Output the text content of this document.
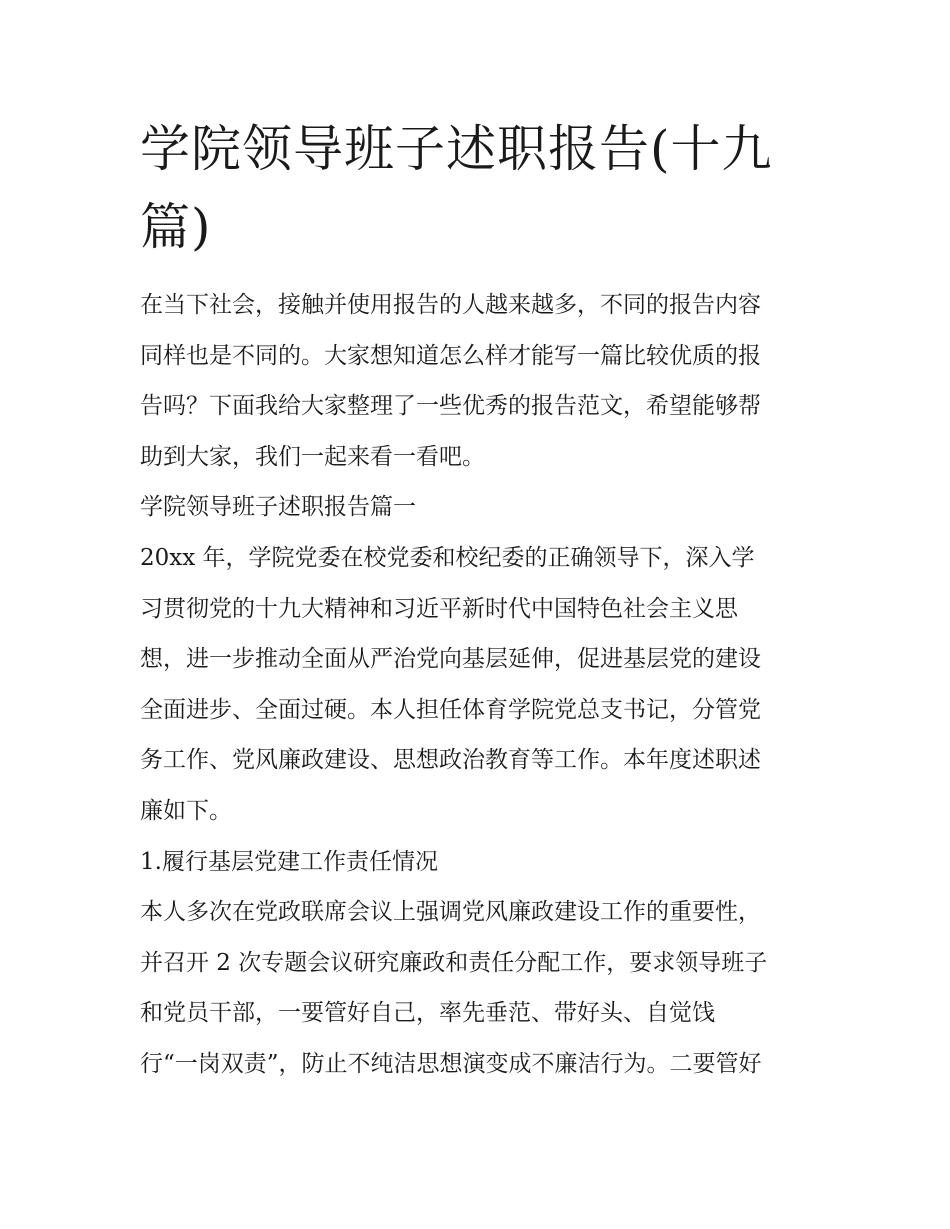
学院领导班子述职报告(十九
篇)

在当下社会，接触并使用报告的人越来越多，不同的报告内容

同样也是不同的。大家想知道怎么样才能写一篇比较优质的报

告吗？下面我给大家整理了一些优秀的报告范文，希望能够帮

助到大家，我们一起来看一看吧。

学院领导班子述职报告篇一

20xx 年，学院党委在校党委和校纪委的正确领导下，深入学

习贯彻党的十九大精神和习近平新时代中国特色社会主义思

想，进一步推动全面从严治党向基层延伸，促进基层党的建设

全面进步、全面过硬。本人担任体育学院党总支书记，分管党

务工作、党风廉政建设、思想政治教育等工作。本年度述职述

廉如下。

1.履行基层党建工作责任情况

本人多次在党政联席会议上强调党风廉政建设工作的重要性，

并召开 2 次专题会议研究廉政和责任分配工作，要求领导班子

和党员干部，一要管好自己，率先垂范、带好头、自觉饯

行“一岗双责”，防止不纯洁思想演变成不廉洁行为。二要管好
